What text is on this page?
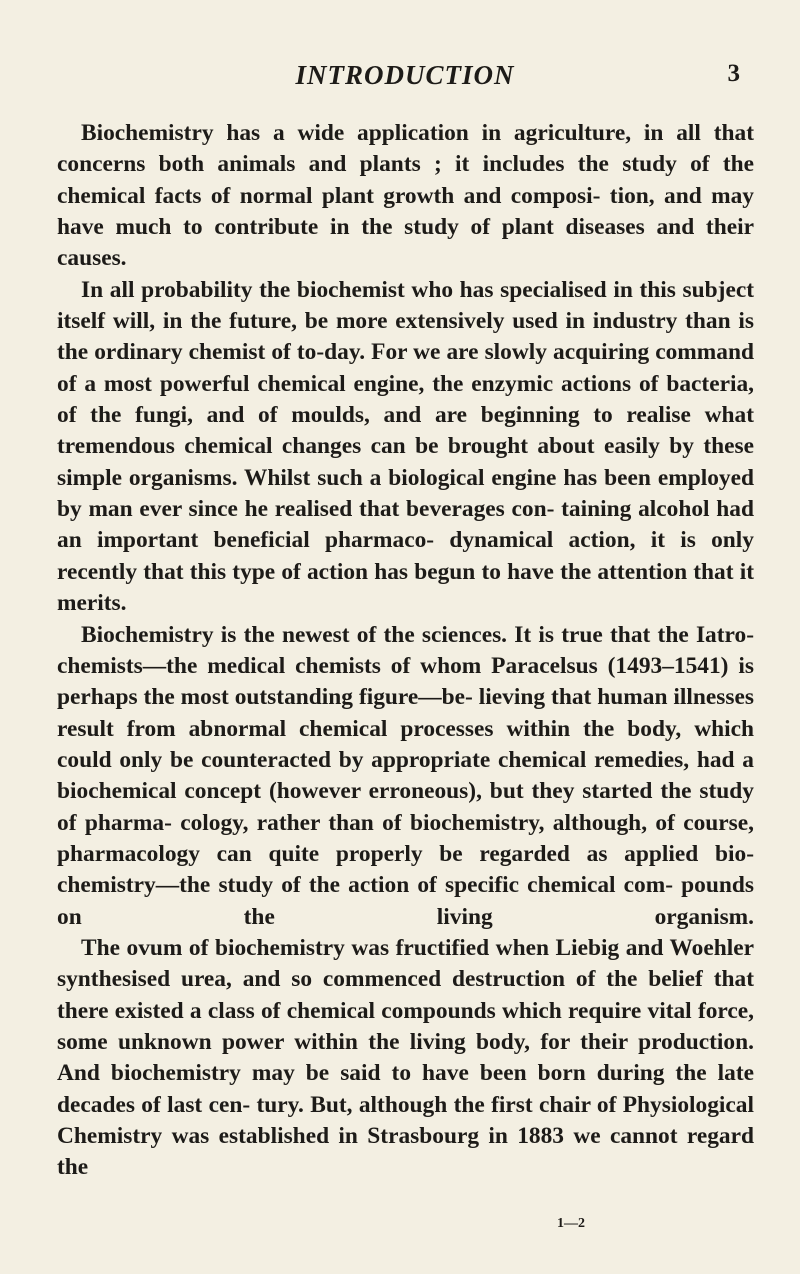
INTRODUCTION	3

Biochemistry has a wide application in agriculture, in all that concerns both animals and plants ; it includes the study of the chemical facts of normal plant growth and composi- tion, and may have much to contribute in the study of plant diseases and their causes.

In all probability the biochemist who has specialised in this subject itself will, in the future, be more extensively used in industry than is the ordinary chemist of to-day. For we are slowly acquiring command of a most powerful chemical engine, the enzymic actions of bacteria, of the fungi, and of moulds, and are beginning to realise what tremendous chemical changes can be brought about easily by these simple organisms. Whilst such a biological engine has been employed by man ever since he realised that beverages con- taining alcohol had an important beneficial pharmaco- dynamical action, it is only recently that this type of action has begun to have the attention that it merits.

Biochemistry is the newest of the sciences. It is true that the Iatro-chemists—the medical chemists of whom Paracelsus (1493–1541) is perhaps the most outstanding figure—be- lieving that human illnesses result from abnormal chemical processes within the body, which could only be counteracted by appropriate chemical remedies, had a biochemical concept (however erroneous), but they started the study of pharma- cology, rather than of biochemistry, although, of course, pharmacology can quite properly be regarded as applied bio- chemistry—the study of the action of specific chemical com- pounds on the living organism.

The ovum of biochemistry was fructified when Liebig and Woehler synthesised urea, and so commenced destruction of the belief that there existed a class of chemical compounds which require vital force, some unknown power within the living body, for their production. And biochemistry may be said to have been born during the late decades of last cen- tury. But, although the first chair of Physiological Chemistry was established in Strasbourg in 1883 we cannot regard the

1—2
